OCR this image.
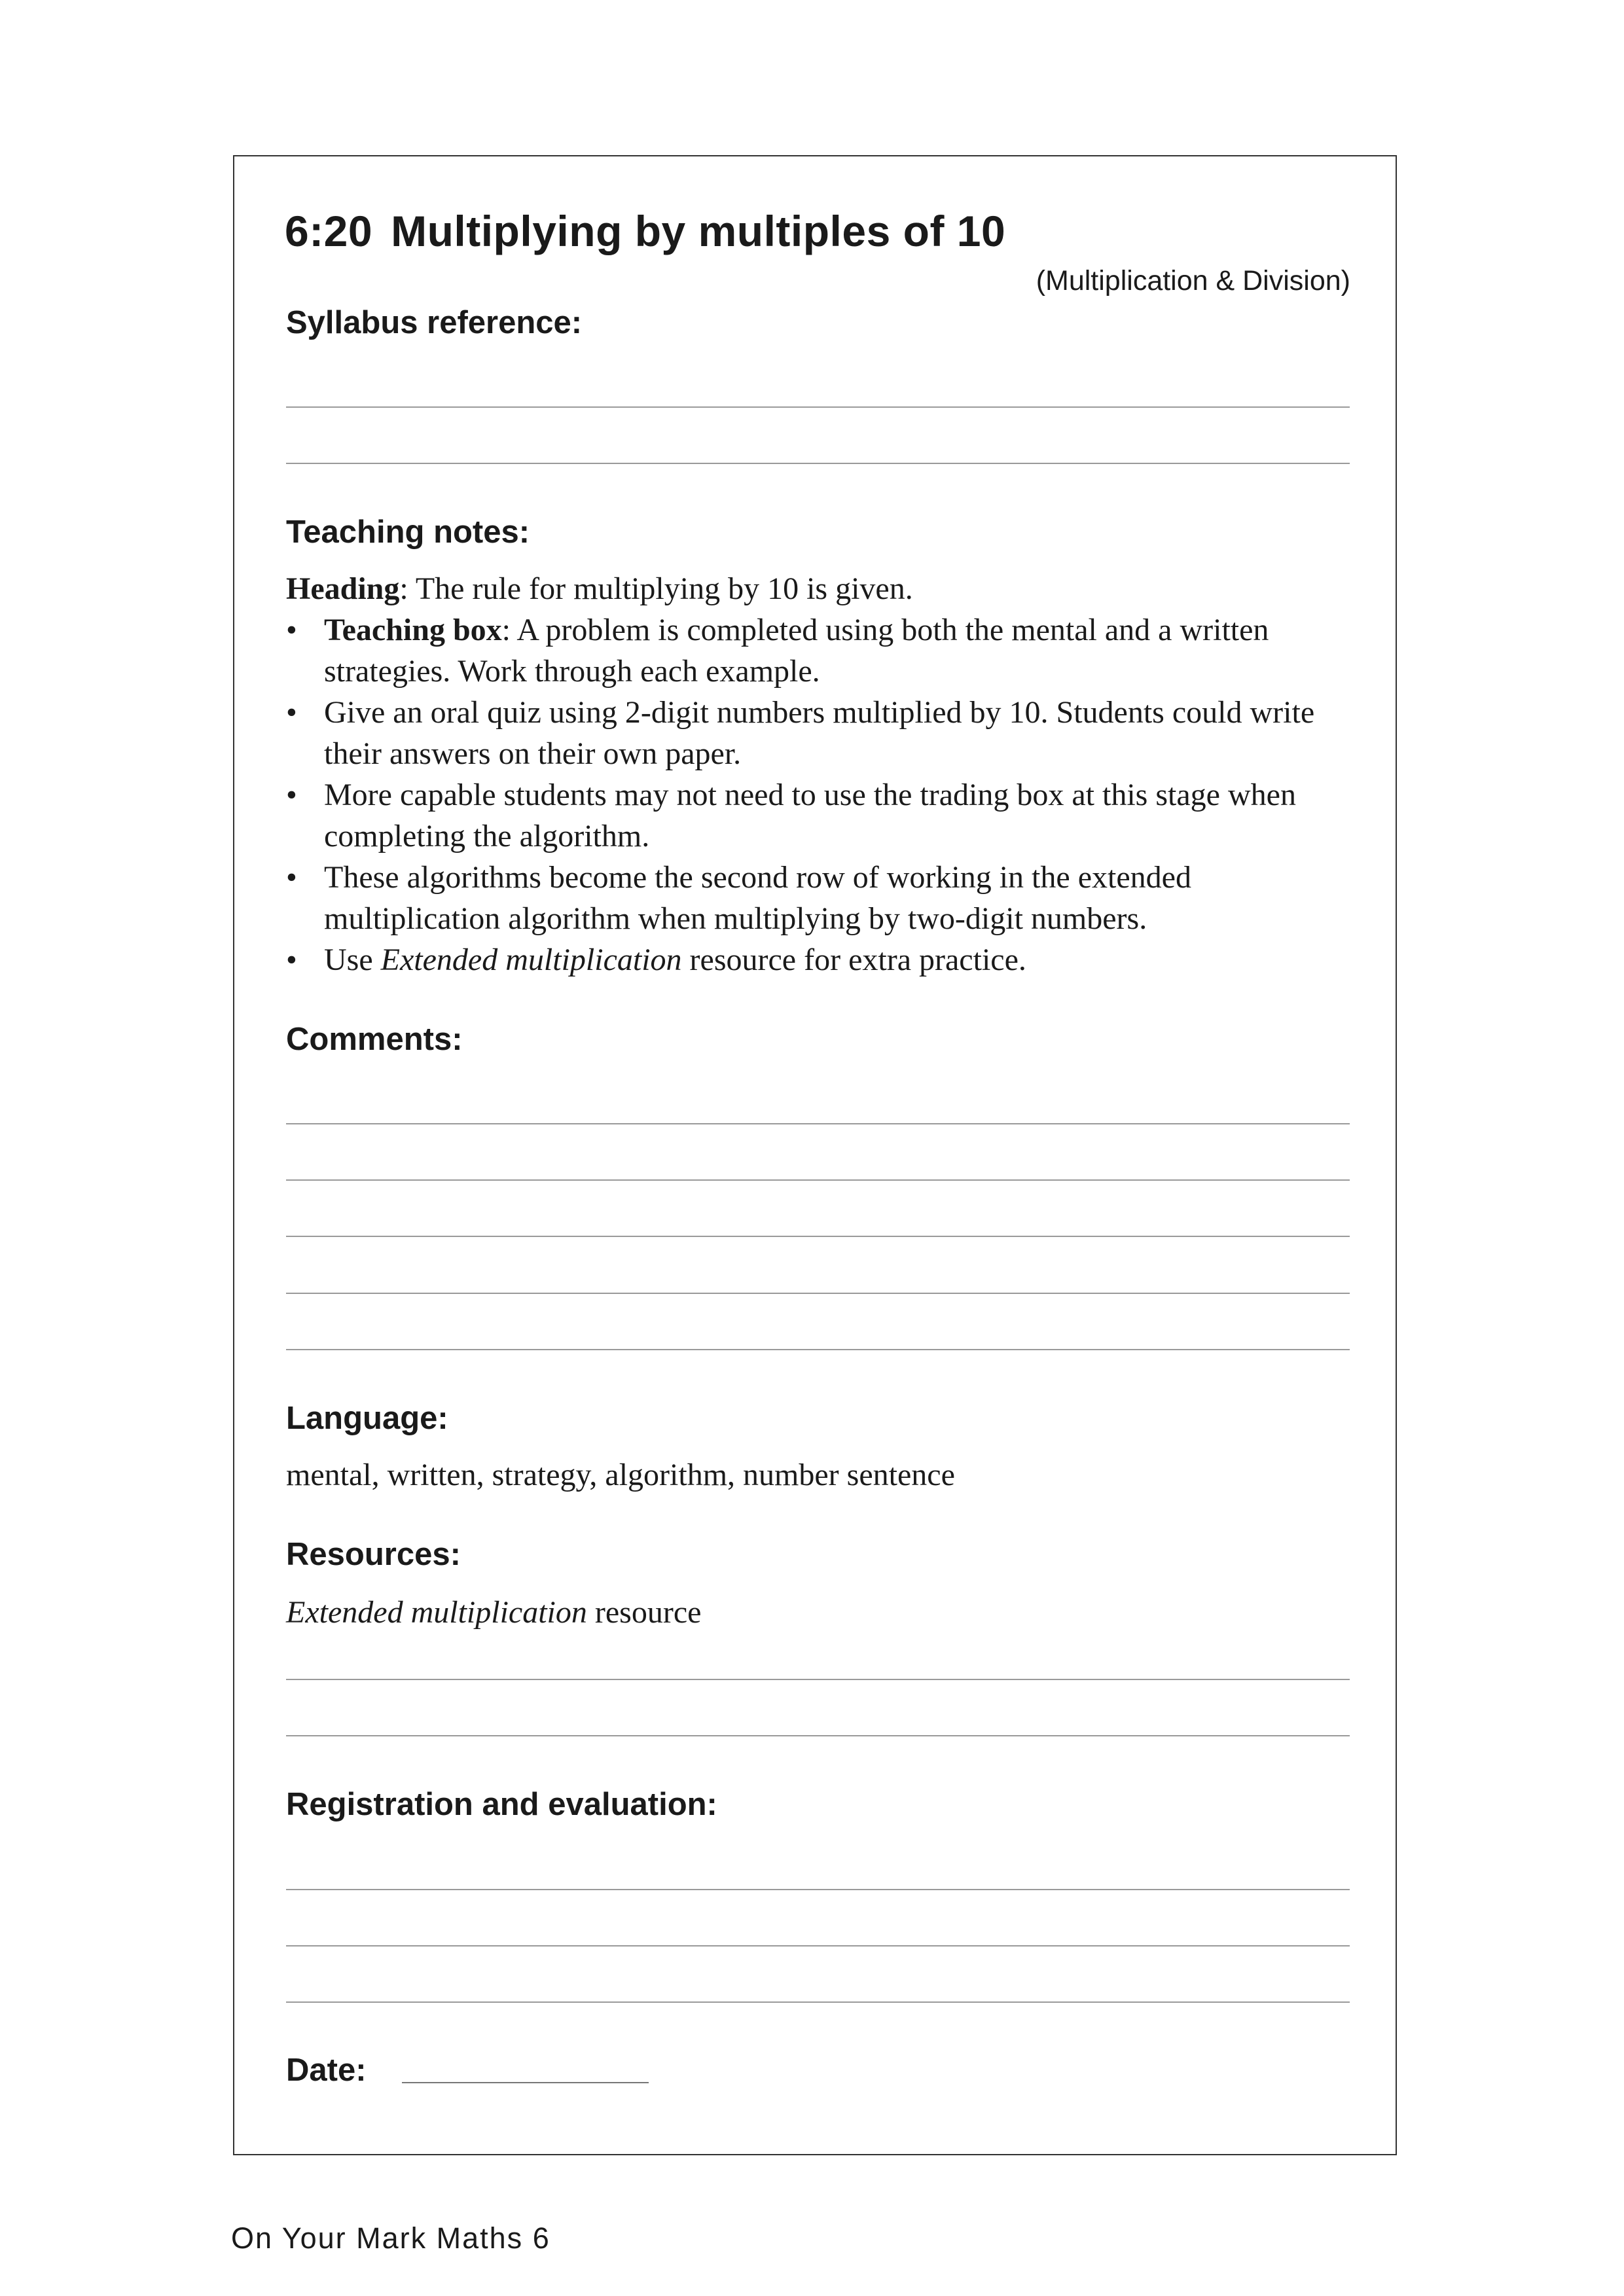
6:20 Multiplying by multiples of 10
(Multiplication & Division)
Syllabus reference:
Teaching notes:

Heading: The rule for multiplying by 10 is given.

• Teaching box: A problem is completed using both the mental and a written strategies. Work through each example.
• Give an oral quiz using 2-digit numbers multiplied by 10. Students could write their answers on their own paper.
• More capable students may not need to use the trading box at this stage when completing the algorithm.
• These algorithms become the second row of working in the extended multiplication algorithm when multiplying by two-digit numbers.
• Use Extended multiplication resource for extra practice.
Comments:
Language:
mental, written, strategy, algorithm, number sentence
Resources:
Extended multiplication resource
Registration and evaluation:
Date:
On Your Mark Maths 6
